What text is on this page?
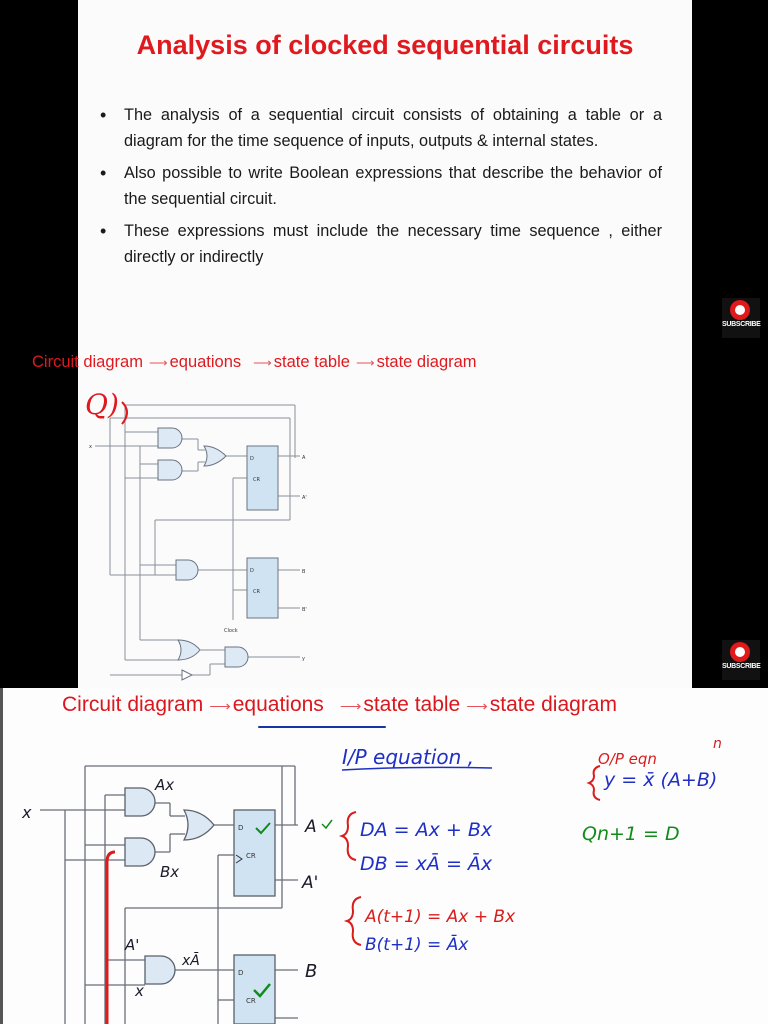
Analysis of clocked sequential circuits
• The analysis of a sequential circuit consists of obtaining a table or a diagram for the time sequence of inputs, outputs & internal states.
• Also possible to write Boolean expressions that describe the behavior of the sequential circuit.
• These expressions must include the necessary time sequence , either directly or indirectly
Circuit diagram ⟶ equations ⟶ state table ⟶ state diagram
Q)
SUBSCRIBE
SUBSCRIBE
Circuit diagram ⟶equations ⟶state table ⟶state diagram
x
D
CR
A
A'
D
CR
B
B'
Clock
y
D
CR
D
CR
x
Ax
Bx
A'
x
xĀ
A
A'
B
I/P equation ,
DA = Ax + Bx
DB = xĀ = Āx
A(t+1) = Ax + Bx
B(t+1) = Āx
O/P eqn
n
y = x̄ (A+B)
Qn+1 = D
